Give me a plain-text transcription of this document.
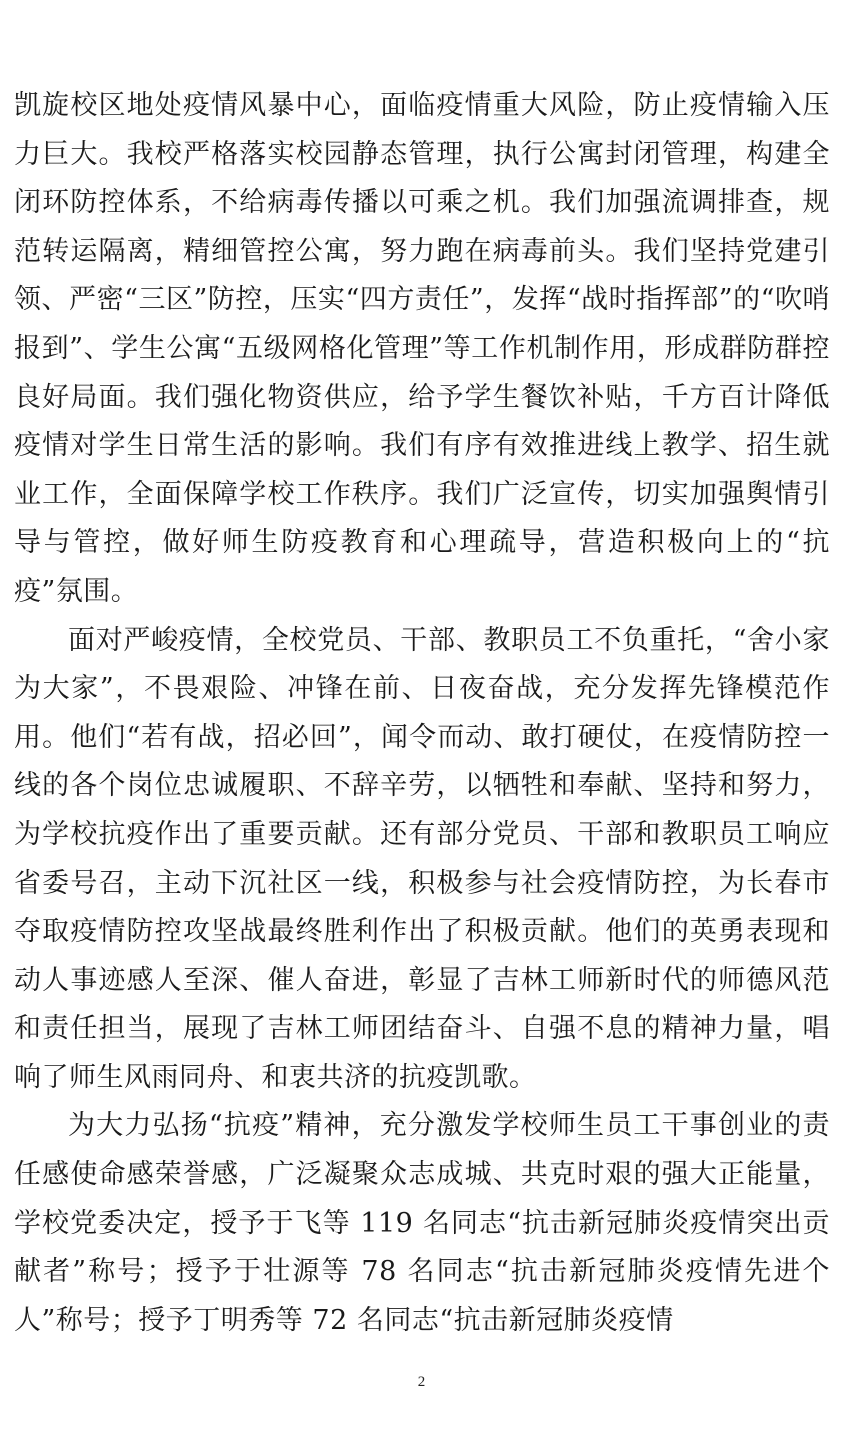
凯旋校区地处疫情风暴中心，面临疫情重大风险，防止疫情输入压力巨大。我校严格落实校园静态管理，执行公寓封闭管理，构建全闭环防控体系，不给病毒传播以可乘之机。我们加强流调排查，规范转运隔离，精细管控公寓，努力跑在病毒前头。我们坚持党建引领、严密“三区”防控，压实“四方责任”，发挥“战时指挥部”的“吹哨报到”、学生公寓“五级网格化管理”等工作机制作用，形成群防群控良好局面。我们强化物资供应，给予学生餐饮补贴，千方百计降低疫情对学生日常生活的影响。我们有序有效推进线上教学、招生就业工作，全面保障学校工作秩序。我们广泛宣传，切实加强舆情引导与管控，做好师生防疫教育和心理疏导，营造积极向上的“抗疫”氛围。

面对严峻疫情，全校党员、干部、教职员工不负重托，“舍小家为大家”，不畏艰险、冲锋在前、日夜奋战，充分发挥先锋模范作用。他们“若有战，招必回”，闻令而动、敢打硬仗，在疫情防控一线的各个岗位忠诚履职、不辞辛劳，以牺牲和奉献、坚持和努力，为学校抗疫作出了重要贡献。还有部分党员、干部和教职员工响应省委号召，主动下沉社区一线，积极参与社会疫情防控，为长春市夺取疫情防控攻坚战最终胜利作出了积极贡献。他们的英勇表现和动人事迹感人至深、催人奋进，彰显了吉林工师新时代的师德风范和责任担当，展现了吉林工师团结奋斗、自强不息的精神力量，唱响了师生风雨同舟、和衷共济的抗疫凯歌。

为大力弘扬“抗疫”精神，充分激发学校师生员工干事创业的责任感使命感荣誉感，广泛凝聚众志成城、共克时艰的强大正能量，学校党委决定，授予于飞等 119 名同志“抗击新冠肺炎疫情突出贡献者”称号；授予于壮源等 78 名同志“抗击新冠肺炎疫情先进个人”称号；授予丁明秀等 72 名同志“抗击新冠肺炎疫情

2
